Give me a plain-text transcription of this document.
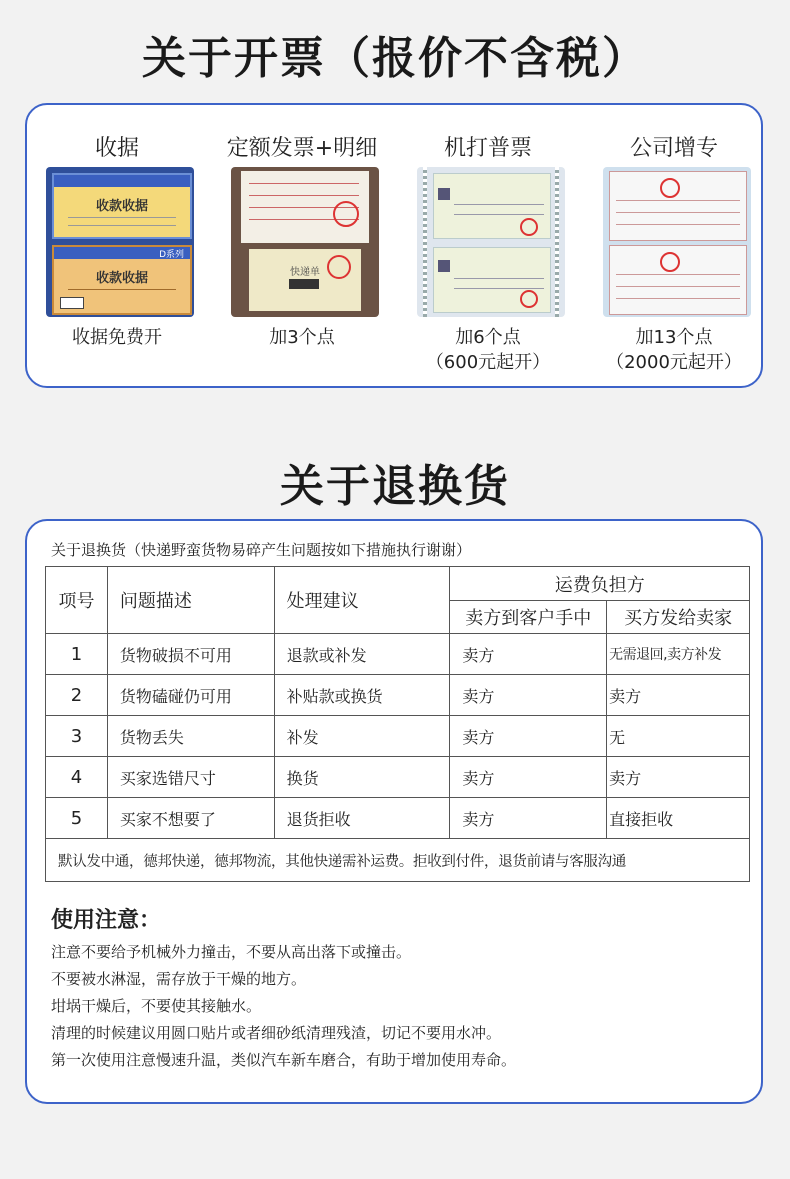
关于开票（报价不含税）
收据
收款收据
D系列
收款收据
收据免费开
定额发票+明细
快递单
加3个点
机打普票
加6个点
（600元起开）
公司增专
加13个点
（2000元起开）
关于退换货
关于退换货（快递野蛮货物易碎产生问题按如下措施执行谢谢）
项号	问题描述	处理建议	运费负担方	
			卖方到客户手中	买方发给卖家
1	货物破损不可用	退款或补发	卖方	无需退回,卖方补发
2	货物磕碰仍可用	补贴款或换货	卖方	卖方
3	货物丢失	补发	卖方	无
4	买家选错尺寸	换货	卖方	卖方
5	买家不想要了	退货拒收	卖方	直接拒收
默认发中通，德邦快递，德邦物流，其他快递需补运费。拒收到付件，退货前请与客服沟通				
使用注意：
注意不要给予机械外力撞击，不要从高出落下或撞击。
不要被水淋湿，需存放于干燥的地方。
坩埚干燥后，不要使其接触水。
清理的时候建议用圆口贴片或者细砂纸清理残渣，切记不要用水冲。
第一次使用注意慢速升温，类似汽车新车磨合，有助于增加使用寿命。
